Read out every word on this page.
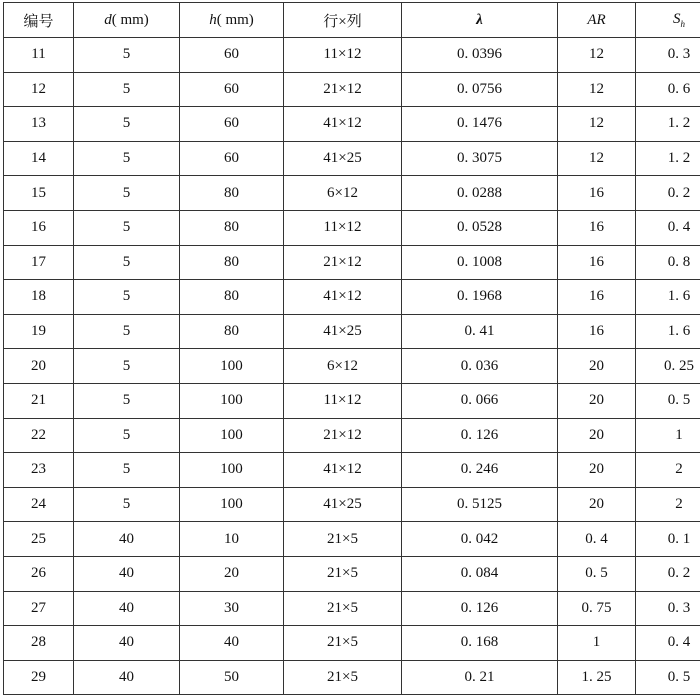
编号	d( mm)	h( mm)	行×列	λ	AR	$S_h$
11	5	60	11×12	0. 0396	12	0. 3
12	5	60	21×12	0. 0756	12	0. 6
13	5	60	41×12	0. 1476	12	1. 2
14	5	60	41×25	0. 3075	12	1. 2
15	5	80	6×12	0. 0288	16	0. 2
16	5	80	11×12	0. 0528	16	0. 4
17	5	80	21×12	0. 1008	16	0. 8
18	5	80	41×12	0. 1968	16	1. 6
19	5	80	41×25	0. 41	16	1. 6
20	5	100	6×12	0. 036	20	0. 25
21	5	100	11×12	0. 066	20	0. 5
22	5	100	21×12	0. 126	20	1
23	5	100	41×12	0. 246	20	2
24	5	100	41×25	0. 5125	20	2
25	40	10	21×5	0. 042	0. 4	0. 1
26	40	20	21×5	0. 084	0. 5	0. 2
27	40	30	21×5	0. 126	0. 75	0. 3
28	40	40	21×5	0. 168	1	0. 4
29	40	50	21×5	0. 21	1. 25	0. 5
